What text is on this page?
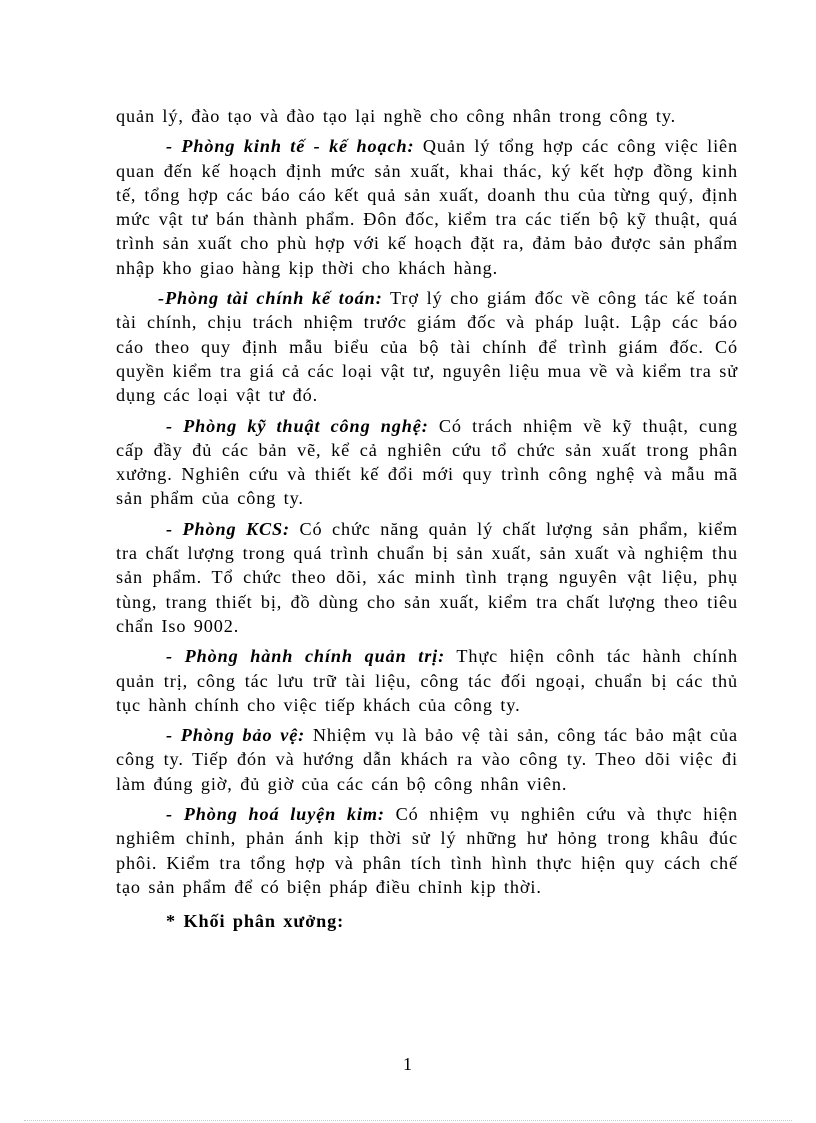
quản lý, đào tạo và đào tạo lại nghề cho công nhân trong công ty.

- Phòng kinh tế - kế hoạch: Quản lý tổng hợp các công việc liên quan đến kế hoạch định mức sản xuất, khai thác, ký kết hợp đồng kinh tế, tổng hợp các báo cáo kết quả sản xuất, doanh thu của từng quý, định mức vật tư bán thành phẩm. Đôn đốc, kiểm tra các tiến bộ kỹ thuật, quá trình sản xuất cho phù hợp với kế hoạch đặt ra, đảm bảo được sản phẩm nhập kho giao hàng kịp thời cho khách hàng.

-Phòng tài chính kế toán: Trợ lý cho giám đốc về công tác kế toán tài chính, chịu trách nhiệm trước giám đốc và pháp luật. Lập các báo cáo theo quy định mẫu biểu của bộ tài chính để trình giám đốc. Có quyền kiểm tra giá cả các loại vật tư, nguyên liệu mua về và kiểm tra sử dụng các loại vật tư đó.

- Phòng kỹ thuật công nghệ: Có trách nhiệm về kỹ thuật, cung cấp đầy đủ các bản vẽ, kể cả nghiên cứu tổ chức sản xuất trong phân xưởng. Nghiên cứu và thiết kế đổi mới quy trình công nghệ và mẫu mã sản phẩm của công ty.

- Phòng KCS: Có chức năng quản lý chất lượng sản phẩm, kiểm tra chất lượng trong quá trình chuẩn bị sản xuất, sản xuất và nghiệm thu sản phẩm. Tổ chức theo dõi, xác minh tình trạng nguyên vật liệu, phụ tùng, trang thiết bị, đồ dùng cho sản xuất, kiểm tra chất lượng theo tiêu chẩn Iso 9002.

- Phòng hành chính quản trị: Thực hiện cônh tác hành chính quản trị, công tác lưu trữ tài liệu, công tác đối ngoại, chuẩn bị các thủ tục hành chính cho việc tiếp khách của công ty.

- Phòng bảo vệ: Nhiệm vụ là bảo vệ tài sản, công tác bảo mật của công ty. Tiếp đón và hướng dẫn khách ra vào công ty. Theo dõi việc đi làm đúng giờ, đủ giờ của các cán bộ công nhân viên.

- Phòng hoá luyện kim: Có nhiệm vụ nghiên cứu và thực hiện nghiêm chỉnh, phản ánh kịp thời sử lý những hư hỏng trong khâu đúc phôi. Kiểm tra tổng hợp và phân tích tình hình thực hiện quy cách chế tạo sản phẩm để có biện pháp điều chỉnh kịp thời.

* Khối phân xưởng:

1
